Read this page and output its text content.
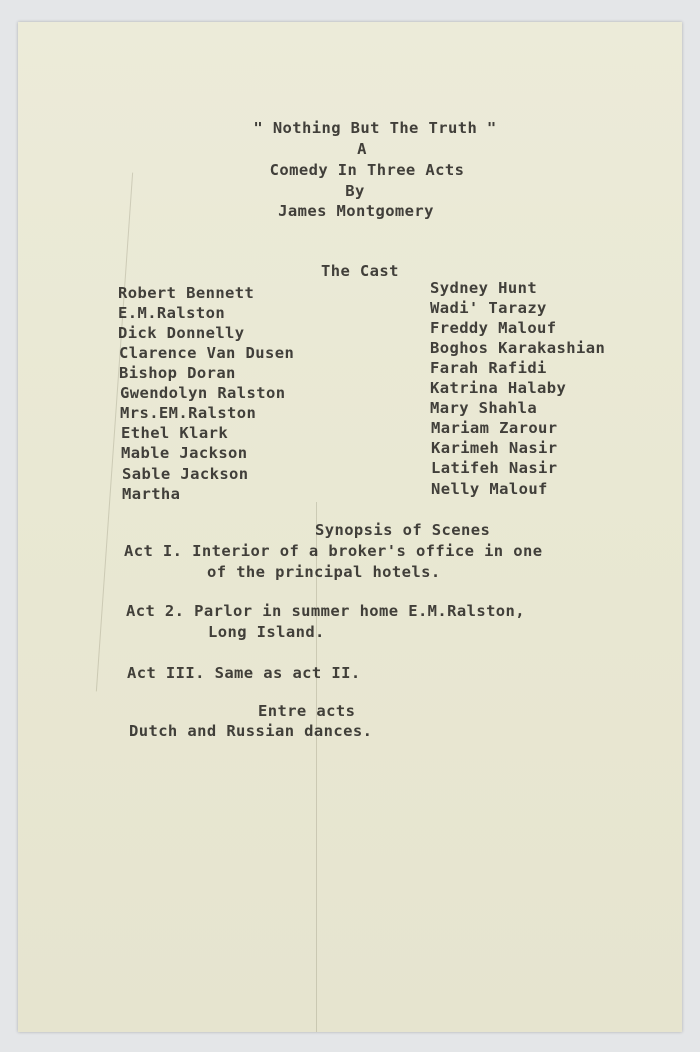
" Nothing But The Truth "
A
Comedy In Three Acts
By
James Montgomery
The Cast
Robert Bennett
E.M.Ralston
Dick Donnelly
Clarence Van Dusen
Bishop Doran
Gwendolyn Ralston
Mrs.EM.Ralston
Ethel Klark
Mable Jackson
Sable Jackson
Martha
Sydney Hunt
Wadi' Tarazy
Freddy Malouf
Boghos Karakashian
Farah Rafidi
Katrina Halaby
Mary Shahla
Mariam Zarour
Karimeh Nasir
Latifeh Nasir
Nelly Malouf
Synopsis of Scenes
Act I. Interior of a broker's office in one
of the principal hotels.
Act 2. Parlor in summer home E.M.Ralston,
Long Island.
Act III. Same as act II.
Entre acts
Dutch and Russian dances.
